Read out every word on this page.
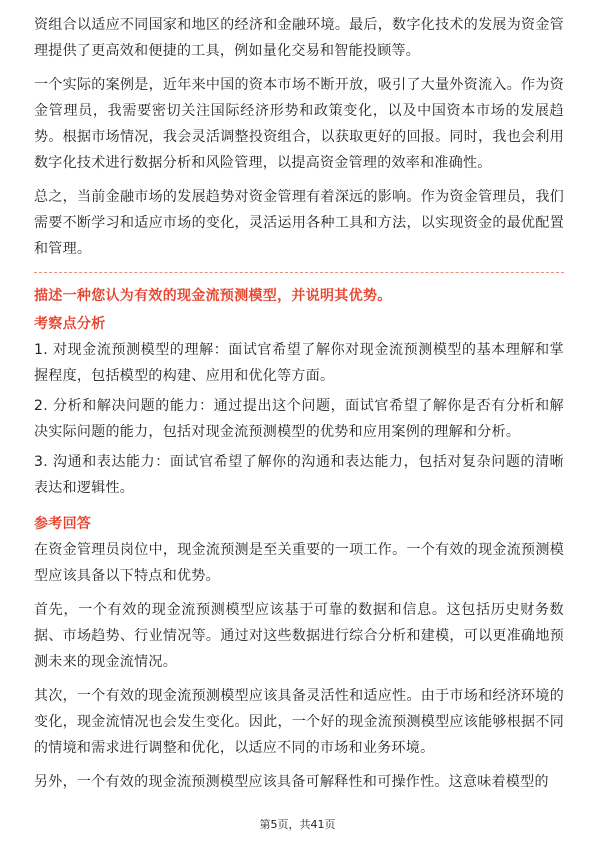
资组合以适应不同国家和地区的经济和金融环境。最后，数字化技术的发展为资金管理提供了更高效和便捷的工具，例如量化交易和智能投顾等。

一个实际的案例是，近年来中国的资本市场不断开放，吸引了大量外资流入。作为资金管理员，我需要密切关注国际经济形势和政策变化，以及中国资本市场的发展趋势。根据市场情况，我会灵活调整投资组合，以获取更好的回报。同时，我也会利用数字化技术进行数据分析和风险管理，以提高资金管理的效率和准确性。

总之，当前金融市场的发展趋势对资金管理有着深远的影响。作为资金管理员，我们需要不断学习和适应市场的变化，灵活运用各种工具和方法，以实现资金的最优配置和管理。

描述一种您认为有效的现金流预测模型，并说明其优势。
考察点分析

1. 对现金流预测模型的理解：面试官希望了解你对现金流预测模型的基本理解和掌握程度，包括模型的构建、应用和优化等方面。

2. 分析和解决问题的能力：通过提出这个问题，面试官希望了解你是否有分析和解决实际问题的能力，包括对现金流预测模型的优势和应用案例的理解和分析。

3. 沟通和表达能力：面试官希望了解你的沟通和表达能力，包括对复杂问题的清晰表达和逻辑性。

参考回答

在资金管理员岗位中，现金流预测是至关重要的一项工作。一个有效的现金流预测模型应该具备以下特点和优势。

首先，一个有效的现金流预测模型应该基于可靠的数据和信息。这包括历史财务数据、市场趋势、行业情况等。通过对这些数据进行综合分析和建模，可以更准确地预测未来的现金流情况。

其次，一个有效的现金流预测模型应该具备灵活性和适应性。由于市场和经济环境的变化，现金流情况也会发生变化。因此，一个好的现金流预测模型应该能够根据不同的情境和需求进行调整和优化，以适应不同的市场和业务环境。

另外，一个有效的现金流预测模型应该具备可解释性和可操作性。这意味着模型的

第5页，共41页
